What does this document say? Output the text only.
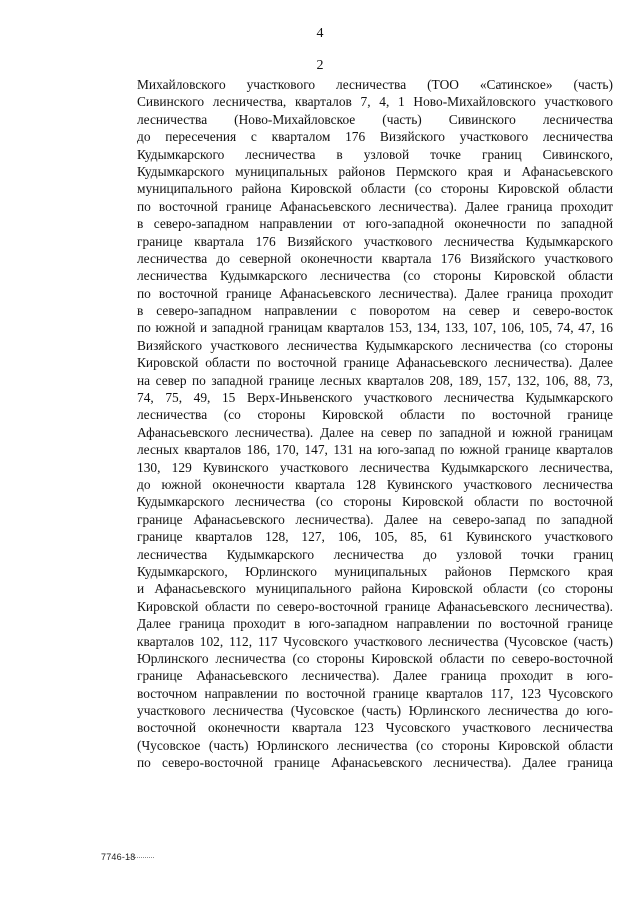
4
2
Михайловского участкового лесничества (ТОО «Сатинское» (часть)
Сивинского лесничества, кварталов 7, 4, 1 Ново-Михайловского участкового
лесничества (Ново-Михайловское (часть) Сивинского лесничества
до пересечения с кварталом 176 Визяйского участкового лесничества
Кудымкарского лесничества в узловой точке границ Сивинского,
Кудымкарского муниципальных районов Пермского края и Афанасьевского
муниципального района Кировской области (со стороны Кировской области
по восточной границе Афанасьевского лесничества). Далее граница проходит
в северо-западном направлении от юго-западной оконечности по западной
границе квартала 176 Визяйского участкового лесничества Кудымкарского
лесничества до северной оконечности квартала 176 Визяйского участкового
лесничества Кудымкарского лесничества (со стороны Кировской области
по восточной границе Афанасьевского лесничества). Далее граница проходит
в северо-западном направлении с поворотом на север и северо-восток
по южной и западной границам кварталов 153, 134, 133, 107, 106, 105, 74, 47, 16
Визяйского участкового лесничества Кудымкарского лесничества (со стороны
Кировской области по восточной границе Афанасьевского лесничества). Далее
на север по западной границе лесных кварталов 208, 189, 157, 132, 106, 88, 73,
74, 75, 49, 15 Верх-Иньвенского участкового лесничества Кудымкарского
лесничества (со стороны Кировской области по восточной границе
Афанасьевского лесничества). Далее на север по западной и южной границам
лесных кварталов 186, 170, 147, 131 на юго-запад по южной границе кварталов
130, 129 Кувинского участкового лесничества Кудымкарского лесничества,
до южной оконечности квартала 128 Кувинского участкового лесничества
Кудымкарского лесничества (со стороны Кировской области по восточной
границе Афанасьевского лесничества). Далее на северо-запад по западной
границе кварталов 128, 127, 106, 105, 85, 61 Кувинского участкового
лесничества Кудымкарского лесничества до узловой точки границ
Кудымкарского, Юрлинского муниципальных районов Пермского края
и Афанасьевского муниципального района Кировской области (со стороны
Кировской области по северо-восточной границе Афанасьевского лесничества).
Далее граница проходит в юго-западном направлении по восточной границе
кварталов 102, 112, 117 Чусовского участкового лесничества (Чусовское (часть)
Юрлинского лесничества (со стороны Кировской области по северо-восточной
границе Афанасьевского лесничества). Далее граница проходит в юго-
восточном направлении по восточной границе кварталов 117, 123 Чусовского
участкового лесничества (Чусовское (часть) Юрлинского лесничества до юго-
восточной оконечности квартала 123 Чусовского участкового лесничества
(Чусовское (часть) Юрлинского лесничества (со стороны Кировской области
по северо-восточной границе Афанасьевского лесничества). Далее граница
7746-18
